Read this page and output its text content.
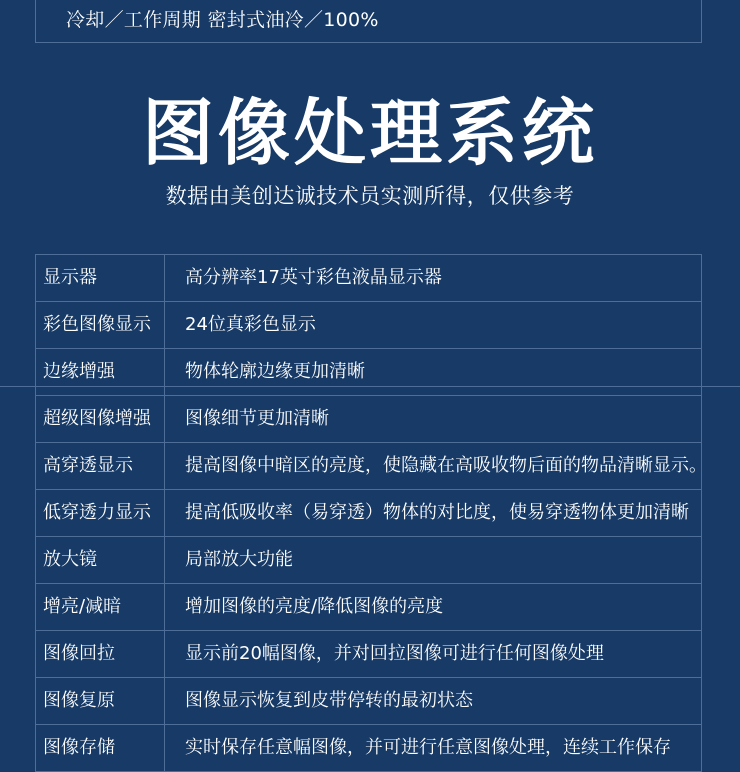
冷却／工作周期 密封式油冷／100%
图像处理系统
数据由美创达诚技术员实测所得，仅供参考
显示器	高分辨率17英寸彩色液晶显示器
彩色图像显示	24位真彩色显示
边缘增强	物体轮廓边缘更加清晰
超级图像增强	图像细节更加清晰
高穿透显示	提高图像中暗区的亮度，使隐藏在高吸收物后面的物品清晰显示。
低穿透力显示	提高低吸收率（易穿透）物体的对比度，使易穿透物体更加清晰
放大镜	局部放大功能
增亮/减暗	增加图像的亮度/降低图像的亮度
图像回拉	显示前20幅图像，并对回拉图像可进行任何图像处理
图像复原	图像显示恢复到皮带停转的最初状态
图像存储	实时保存任意幅图像，并可进行任意图像处理，连续工作保存
